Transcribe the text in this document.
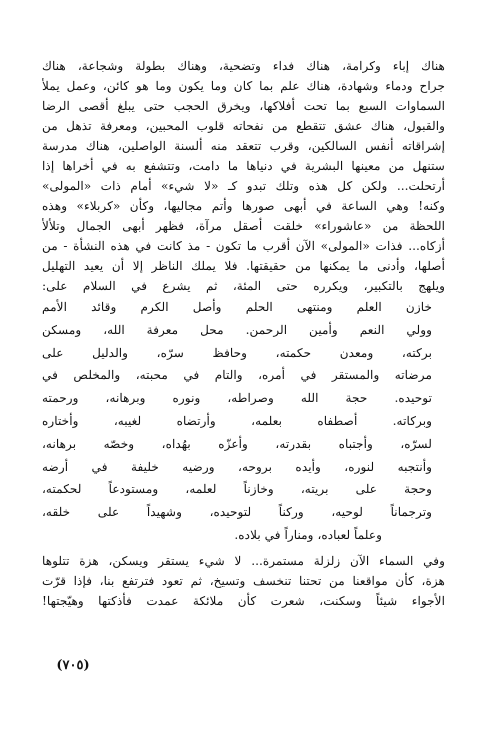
هناك إباء وكرامة، هناك فداء وتضحية، وهناك بطولة وشجاعة، هناك
جراح ودماء وشهادة، هناك علم بما كان وما يكون وما هو كائن، وعمل يملأ
السماوات السبع بما تحت أفلاكها، ويخرق الحجب حتى يبلغ أقصى الرضا
والقبول، هناك عشق تتقطع من نفحاته قلوب المحبين، ومعرفة تذهل من
إشراقاته أنفس السالكين، وقرب تتعقد منه ألسنة الواصلين، هناك مدرسة
ستنهل من معينها البشرية في دنياها ما دامت، وتتشفع به في أخراها إذا
أرتحلت... ولكن كل هذه وتلك تبدو كـ «لا شيء» أمام ذات «المولى»
وكنه! وهي الساعة في أبهى صورها وأتم مجاليها، وكأن «كربلاء» وهذه
اللحظة من «عاشوراء» خلقت أصقل مرآة، فظهر أبهى الجمال وتلألأ
أزكاه... فذات «المولى» الآن أقرب ما تكون - مذ كانت في هذه النشأة - من
أصلها، وأدنى ما يمكنها من حقيقتها. فلا يملك الناظر إلا أن يعيد التهليل
ويلهج بالتكبير، ويكرره حتى المئة، ثم يشرع في السلام على:
خازن العلم ومنتهى الحلم وأصل الكرم وقائد الأمم
وولي النعم وأمين الرحمن. محل معرفة الله، ومسكن
بركته، ومعدن حكمته، وحافظ سرّه، والدليل على
مرضاته والمستقر في أمره، والتام في محبته، والمخلص في
توحيده. حجة الله وصراطه، ونوره وبرهانه، ورحمته
وبركاته. أصطفاه بعلمه، وأرتضاه لغيبه، وأختاره
لسرّه، وأجتباه بقدرته، وأعزّه بهُداه، وخصّه برهانه،
وأنتجبه لنوره، وأيده بروحه، ورضيه خليفة في أرضه
وحجة على بريته، وخازناً لعلمه، ومستودعاً لحكمته،
وترجماناً لوحيه، وركناً لتوحيده، وشهيداً على خلقه،
وعلماً لعباده، ومناراً في بلاده.
وفي السماء الآن زلزلة مستمرة... لا شيء يستقر ويسكن، هزة تتلوها
هزة، كأن مواقعنا من تحتنا تنخسف وتسيخ، ثم تعود فترتفع بنا، فإذا قرّت
الأجواء شيئاً وسكنت، شعرت كأن ملائكة عمدت فأذكتها وهيّجتها!
(٧٠٥)
